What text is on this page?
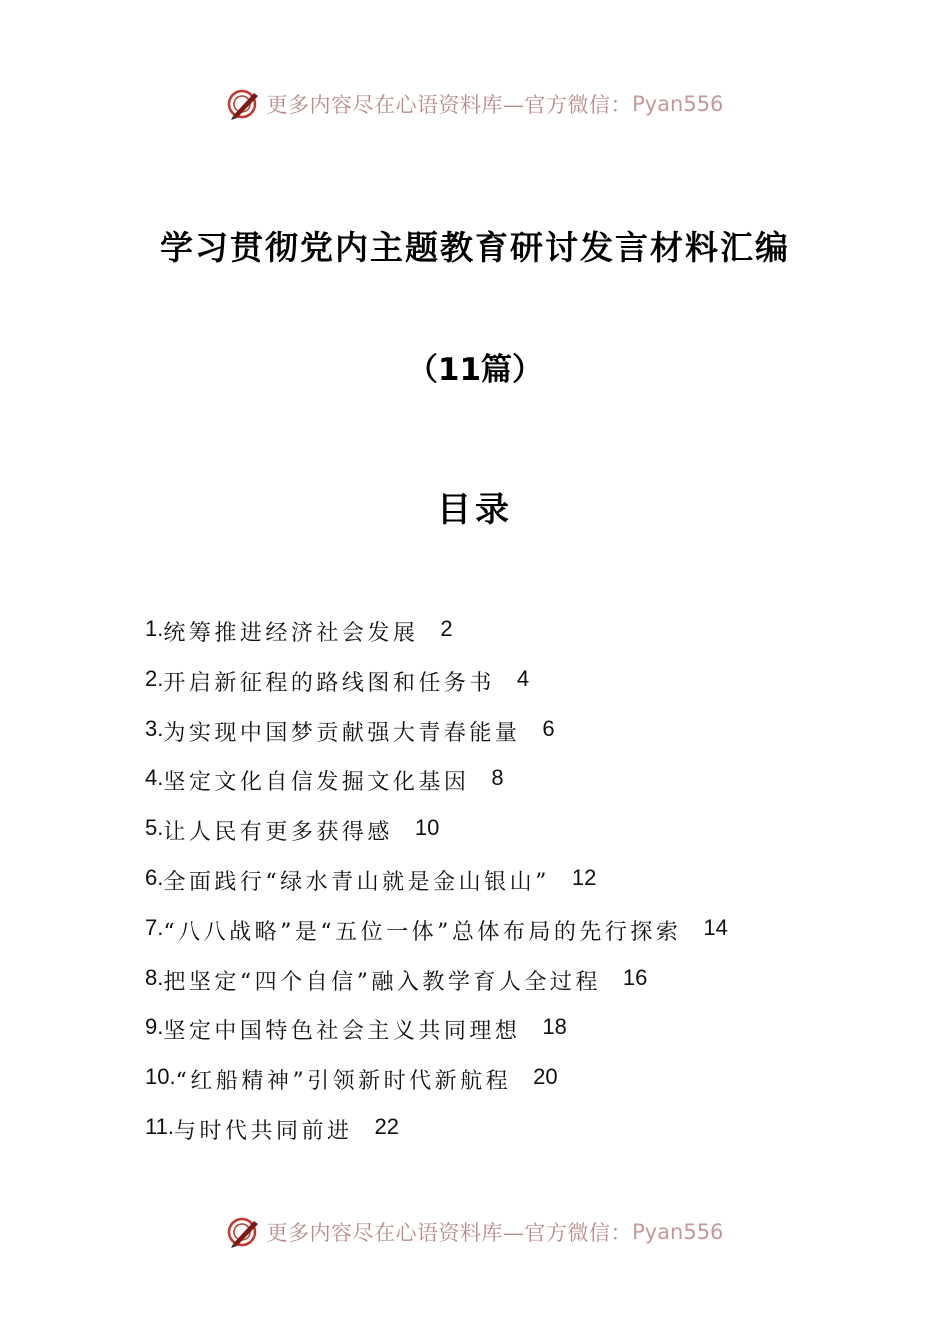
更多内容尽在心语资料库—官方微信： Pyan556
学习贯彻党内主题教育研讨发言材料汇编
（11篇）
目录
1. 统筹推进经济社会发展 2
2. 开启新征程的路线图和任务书 4
3. 为实现中国梦贡献强大青春能量 6
4. 坚定文化自信发掘文化基因 8
5. 让人民有更多获得感 10
6. 全面践行“绿水青山就是金山银山” 12
7. “八八战略”是“五位一体”总体布局的先行探索 14
8. 把坚定“四个自信”融入教学育人全过程 16
9. 坚定中国特色社会主义共同理想 18
10. “红船精神”引领新时代新航程 20
11. 与时代共同前进 22
更多内容尽在心语资料库—官方微信： Pyan556
